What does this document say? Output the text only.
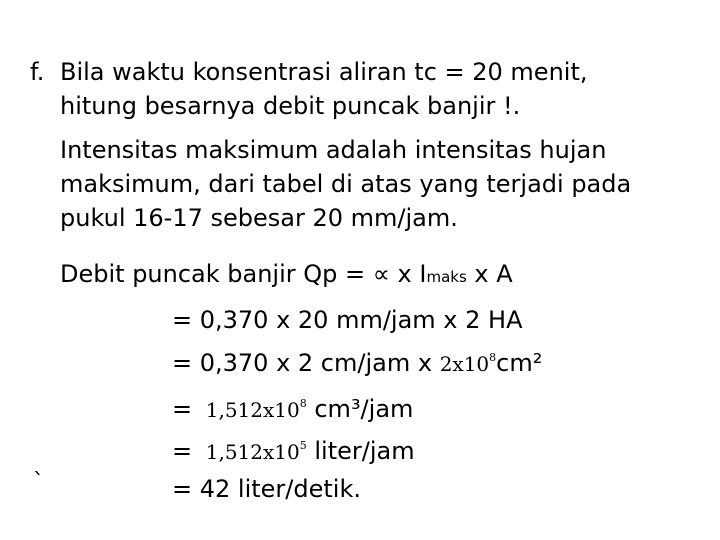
f. Bila waktu konsentrasi aliran tc = 20 menit,
hitung besarnya debit puncak banjir !.
Intensitas maksimum adalah intensitas hujan
maksimum, dari tabel di atas yang terjadi pada
pukul 16-17 sebesar 20 mm/jam.
Debit puncak banjir Qp = ∝ x Imaks x A
= 0,370 x 20 mm/jam x 2 HA
= 0,370 x 2 cm/jam x $2x10^8cm^2$
= $1,512x10^8$ cm³/jam
= $1,512x10^5$ liter/jam
`	= 42 liter/detik.
